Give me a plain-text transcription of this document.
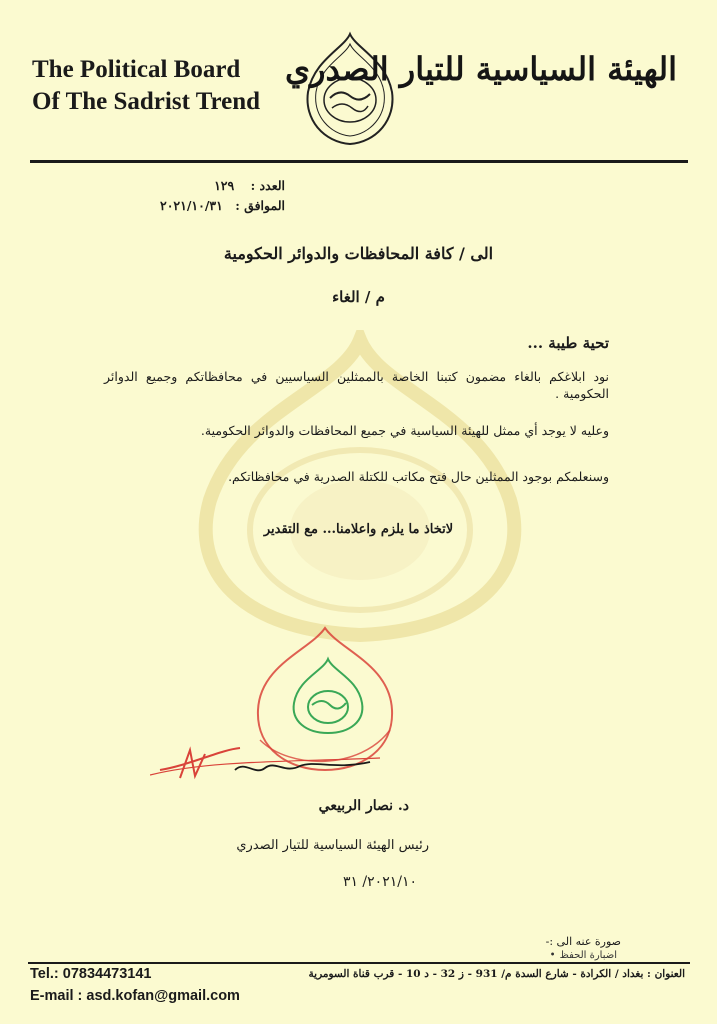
The Political Board
Of The Sadrist Trend
الهيئة السياسية للتيار الصدري
العدد : ١٢٩
الموافق : ٢٠٢١/١٠/٣١
الى / كافة المحافظات والدوائر الحكومية
م / الغاء
تحية طيبة ...
نود ابلاغكم بالغاء مضمون كتبنا الخاصة بالممثلين السياسيين في محافظاتكم وجميع الدوائر الحكومية .
وعليه لا يوجد أي ممثل للهيئة السياسية في جميع المحافظات والدوائر الحكومية.
وسنعلمكم بوجود الممثلين حال فتح مكاتب للكتلة الصدرية في محافظاتكم.
لاتخاذ ما يلزم واعلامنا... مع التقدير
د. نصار الربيعي
رئيس الهيئة السياسية للتيار الصدري
٢٠٢١/١٠/ ٣١
صورة عنه الى :-
اضبارة الحفظ •
Tel.: 07834473141
E-mail : asd.kofan@gmail.com
العنوان : بغداد / الكرادة - شارع السدة م/ 931 - ز 32 - د 10 - قرب قناة السومرية
